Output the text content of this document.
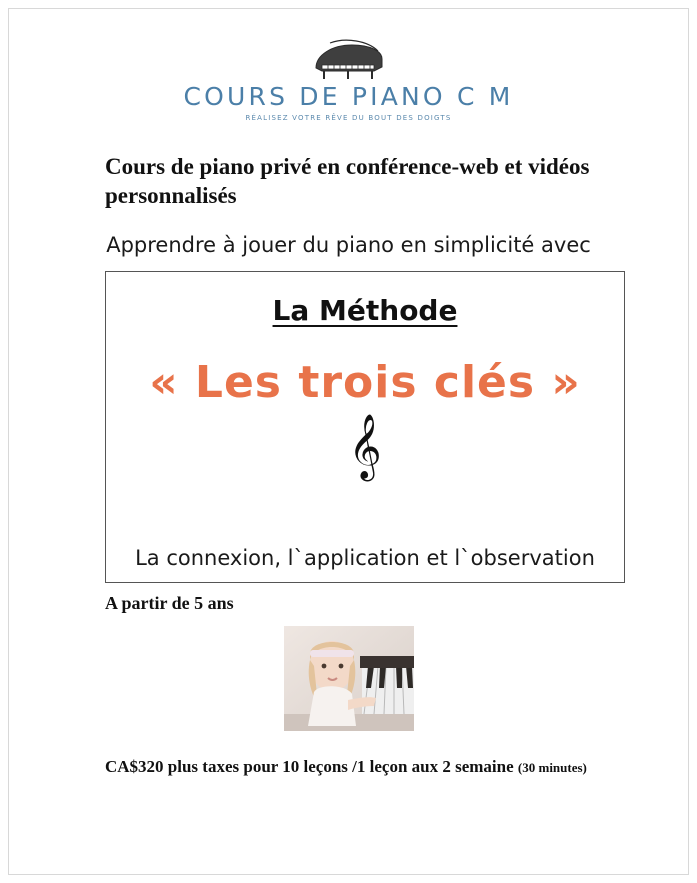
COURS DE PIANO C M
RÉALISEZ VOTRE RÊVE DU BOUT DES DOIGTS
Cours de piano privé en conférence-web et vidéos personnalisés
Apprendre à jouer du piano en simplicité avec
La Méthode
« Les trois clés »
𝄞
La connexion, l`application et l`observation
A partir de 5 ans
CA$320 plus taxes pour 10 leçons /1 leçon aux 2 semaine (30 minutes)
